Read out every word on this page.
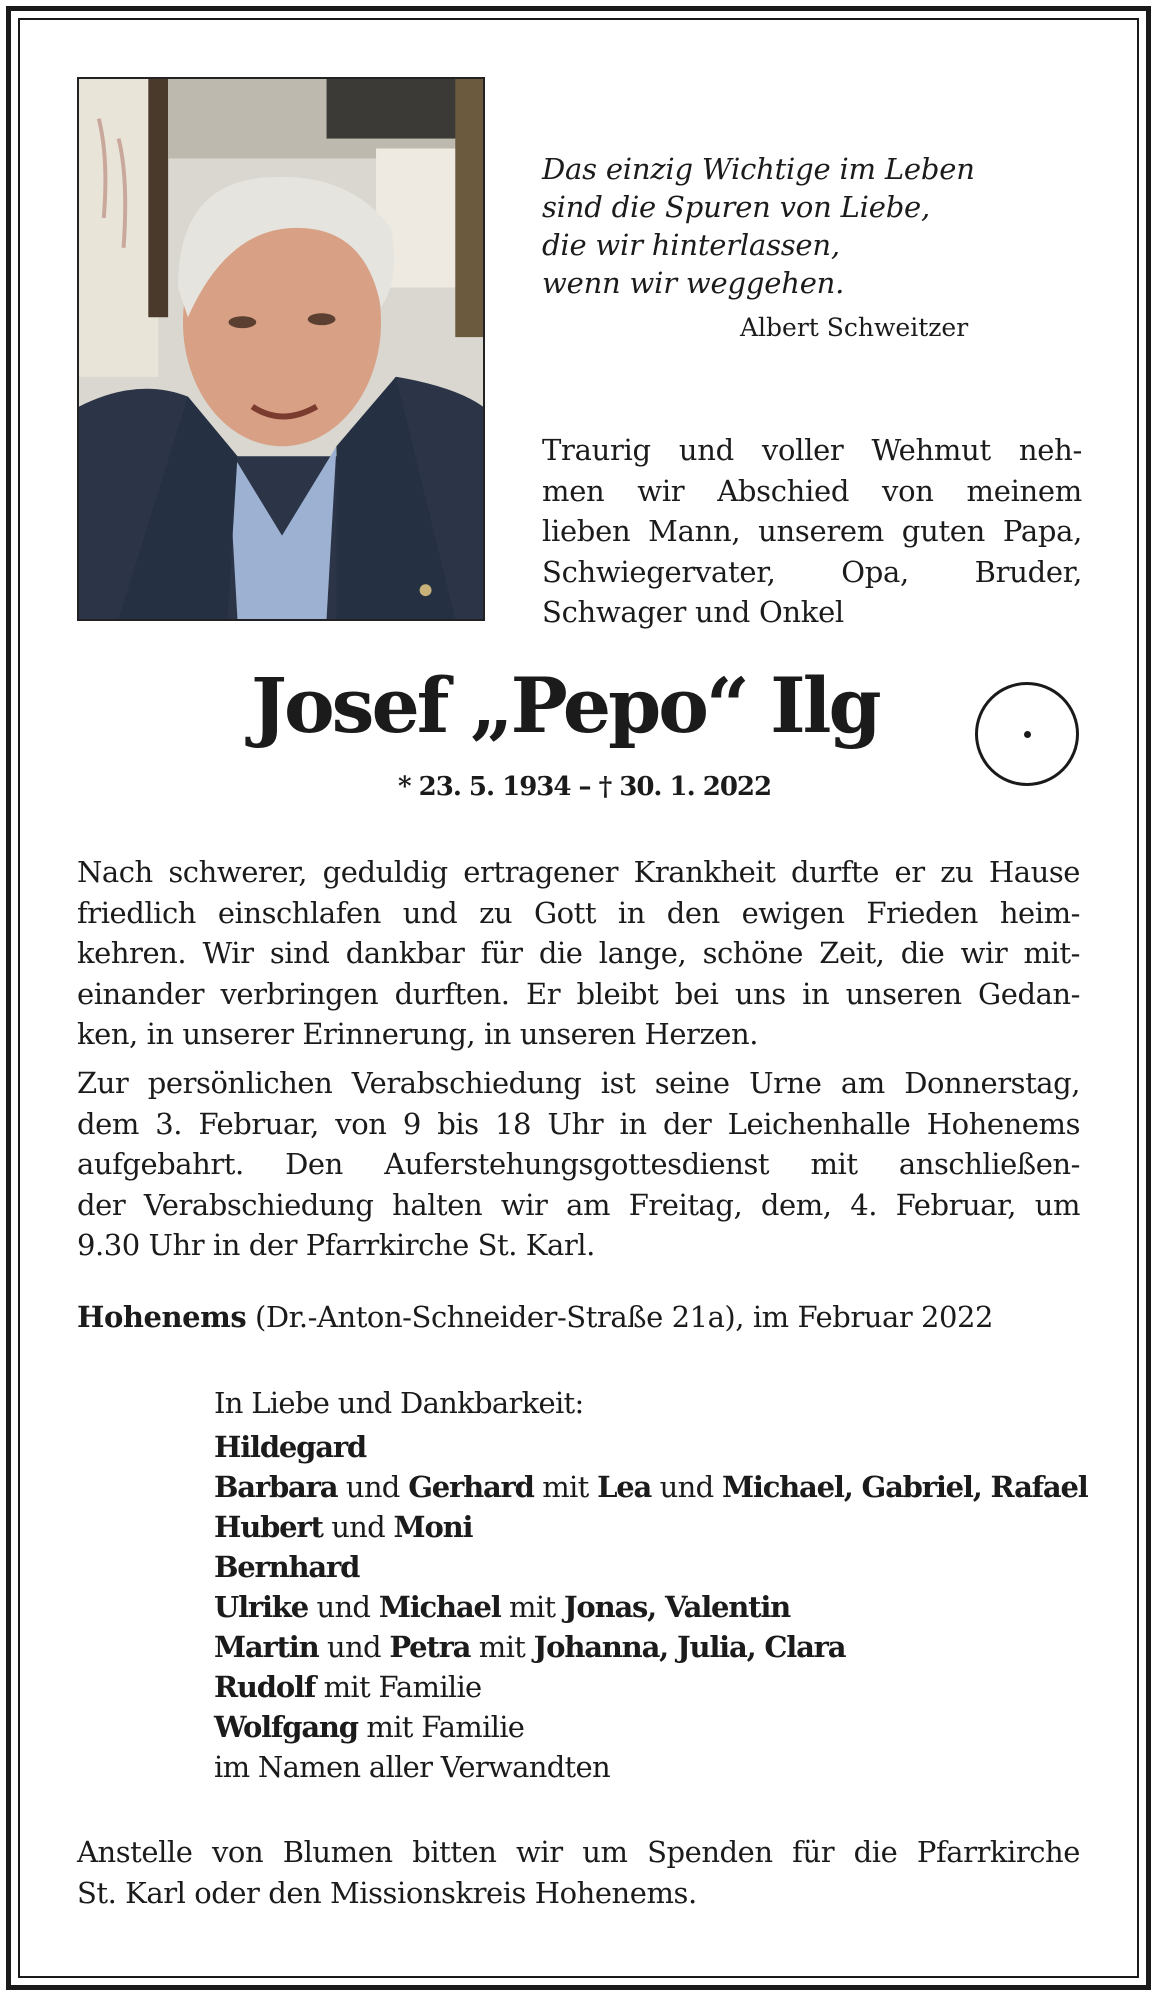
Das einzig Wichtige im Leben
sind die Spuren von Liebe,
die wir hinterlassen,
wenn wir weggehen.
Albert Schweitzer
Traurig und voller Wehmut neh-
men wir Abschied von meinem
lieben Mann, unserem guten Papa,
Schwiegervater, Opa, Bruder,
Schwager und Onkel
Josef „Pepo“ Ilg
* 23. 5. 1934 – † 30. 1. 2022
Nach schwerer, geduldig ertragener Krankheit durfte er zu Hause
friedlich einschlafen und zu Gott in den ewigen Frieden heim-
kehren. Wir sind dankbar für die lange, schöne Zeit, die wir mit-
einander verbringen durften. Er bleibt bei uns in unseren Gedan-
ken, in unserer Erinnerung, in unseren Herzen.
Zur persönlichen Verabschiedung ist seine Urne am Donnerstag,
dem 3. Februar, von 9 bis 18 Uhr in der Leichenhalle Hohenems
aufgebahrt. Den Auferstehungsgottesdienst mit anschließen-
der Verabschiedung halten wir am Freitag, dem, 4. Februar, um
9.30 Uhr in der Pfarrkirche St. Karl.
Hohenems (Dr.-Anton-Schneider-Straße 21a), im Februar 2022
In Liebe und Dankbarkeit:
Hildegard
Barbara und Gerhard mit Lea und Michael, Gabriel, Rafael
Hubert und Moni
Bernhard
Ulrike und Michael mit Jonas, Valentin
Martin und Petra mit Johanna, Julia, Clara
Rudolf mit Familie
Wolfgang mit Familie
im Namen aller Verwandten
Anstelle von Blumen bitten wir um Spenden für die Pfarrkirche
St. Karl oder den Missionskreis Hohenems.
